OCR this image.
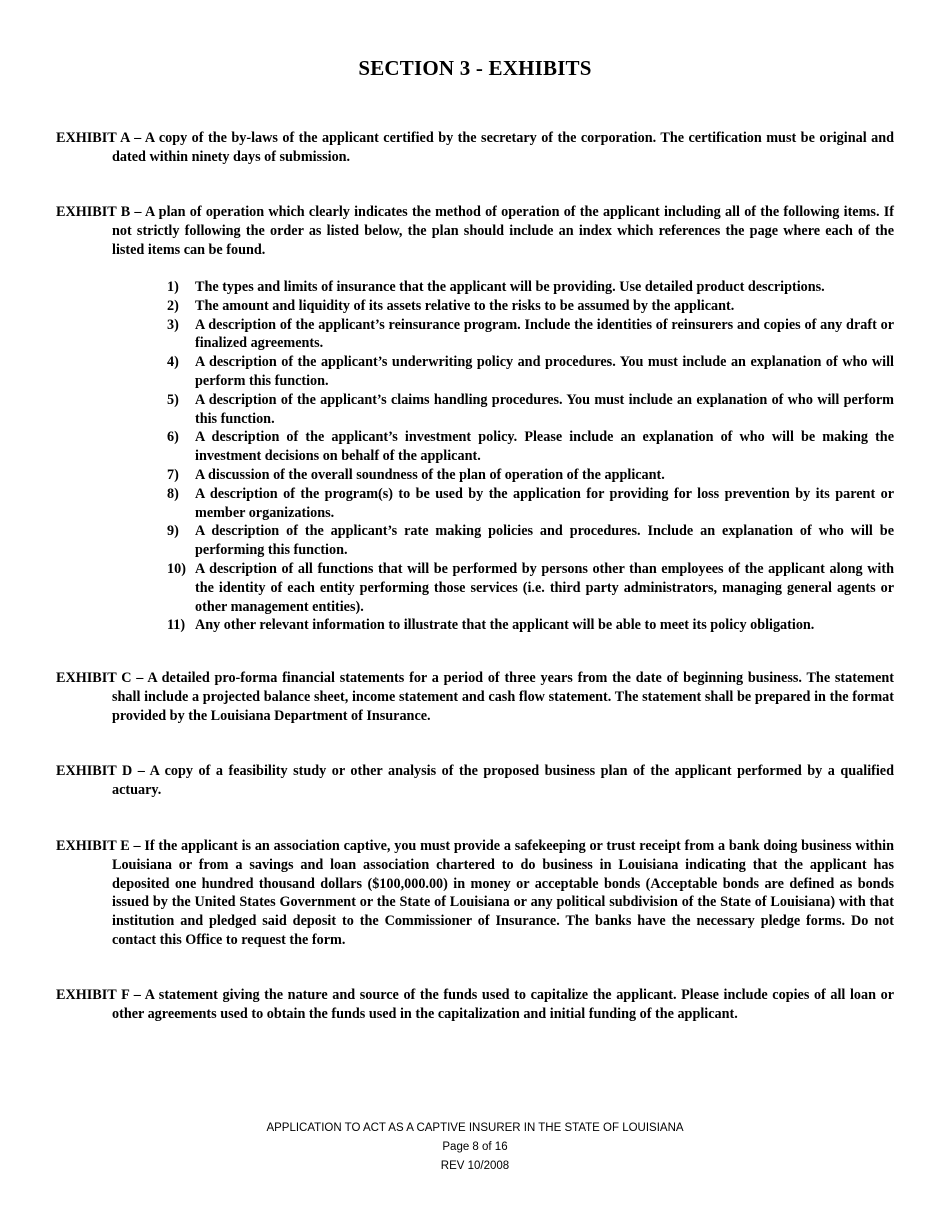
SECTION 3 - EXHIBITS

EXHIBIT A – A copy of the by-laws of the applicant certified by the secretary of the corporation. The certification must be original and dated within ninety days of submission.

EXHIBIT B – A plan of operation which clearly indicates the method of operation of the applicant including all of the following items. If not strictly following the order as listed below, the plan should include an index which references the page where each of the listed items can be found.

1) The types and limits of insurance that the applicant will be providing. Use detailed product descriptions.
2) The amount and liquidity of its assets relative to the risks to be assumed by the applicant.
3) A description of the applicant’s reinsurance program. Include the identities of reinsurers and copies of any draft or finalized agreements.
4) A description of the applicant’s underwriting policy and procedures. You must include an explanation of who will perform this function.
5) A description of the applicant’s claims handling procedures. You must include an explanation of who will perform this function.
6) A description of the applicant’s investment policy. Please include an explanation of who will be making the investment decisions on behalf of the applicant.
7) A discussion of the overall soundness of the plan of operation of the applicant.
8) A description of the program(s) to be used by the application for providing for loss prevention by its parent or member organizations.
9) A description of the applicant’s rate making policies and procedures. Include an explanation of who will be performing this function.
10) A description of all functions that will be performed by persons other than employees of the applicant along with the identity of each entity performing those services (i.e. third party administrators, managing general agents or other management entities).
11) Any other relevant information to illustrate that the applicant will be able to meet its policy obligation.

EXHIBIT C – A detailed pro-forma financial statements for a period of three years from the date of beginning business. The statement shall include a projected balance sheet, income statement and cash flow statement. The statement shall be prepared in the format provided by the Louisiana Department of Insurance.

EXHIBIT D – A copy of a feasibility study or other analysis of the proposed business plan of the applicant performed by a qualified actuary.

EXHIBIT E – If the applicant is an association captive, you must provide a safekeeping or trust receipt from a bank doing business within Louisiana or from a savings and loan association chartered to do business in Louisiana indicating that the applicant has deposited one hundred thousand dollars ($100,000.00) in money or acceptable bonds (Acceptable bonds are defined as bonds issued by the United States Government or the State of Louisiana or any political subdivision of the State of Louisiana) with that institution and pledged said deposit to the Commissioner of Insurance. The banks have the necessary pledge forms. Do not contact this Office to request the form.

EXHIBIT F – A statement giving the nature and source of the funds used to capitalize the applicant. Please include copies of all loan or other agreements used to obtain the funds used in the capitalization and initial funding of the applicant.

APPLICATION TO ACT AS A CAPTIVE INSURER IN THE STATE OF LOUISIANA
Page 8 of 16
REV 10/2008
